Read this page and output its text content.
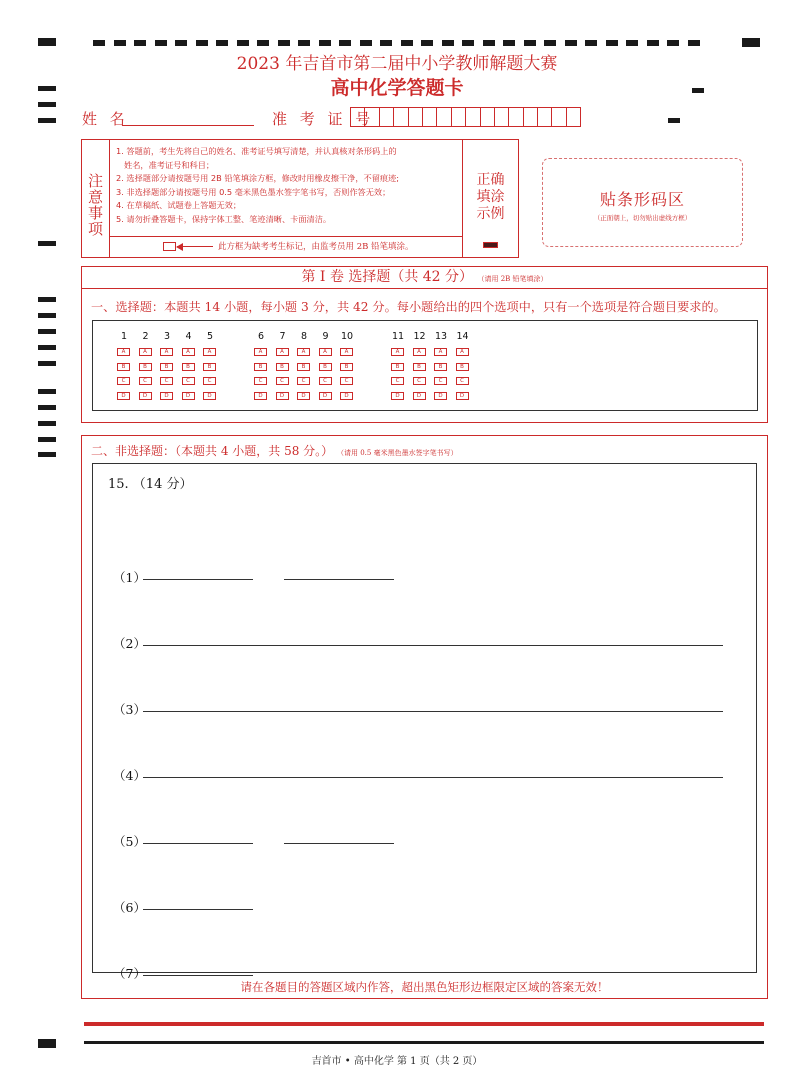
2023 年吉首市第二届中小学教师解题大赛
高中化学答题卡
姓 名	准 考 证 号
注
意
事
项
1. 答题前，考生先将自己的姓名、准考证号填写清楚，并认真核对条形码上的
姓名，准考证号和科目；
2. 选择题部分请按题号用 2B 铅笔填涂方框，修改时用橡皮擦干净，不留痕迹;
3. 非选择题部分请按题号用 0.5 毫米黑色墨水签字笔书写，否则作答无效；
4. 在草稿纸、试题卷上答题无效；
5. 请勿折叠答题卡，保持字体工整、笔迹清晰、卡面清洁。
此方框为缺考考生标记，由监考员用 2B 铅笔填涂。
正确
填涂
示例
贴条形码区
（正面朝上，切勿贴出虚线方框）
第 I 卷 选择题（共 42 分） （请用 2B 铅笔填涂）
一、选择题：本题共 14 小题，每小题 3 分，共 42 分。每小题给出的四个选项中，只有一个选项是符合题目要求的。
1
A
B
C
D
2
A
B
C
D
3
A
B
C
D
4
A
B
C
D
5
A
B
C
D
6
A
B
C
D
7
A
B
C
D
8
A
B
C
D
9
A
B
C
D
10
A
B
C
D
11
A
B
C
D
12
A
B
C
D
13
A
B
C
D
14
A
B
C
D
二、非选择题：（本题共 4 小题，共 58 分。） （请用 0.5 毫米黑色墨水签字笔书写）
15. （14 分）
（1）
（2）
（3）
（4）
（5）
（6）
（7）
请在各题目的答题区域内作答，超出黑色矩形边框限定区域的答案无效！
吉首市 • 高中化学 第 1 页（共 2 页）
